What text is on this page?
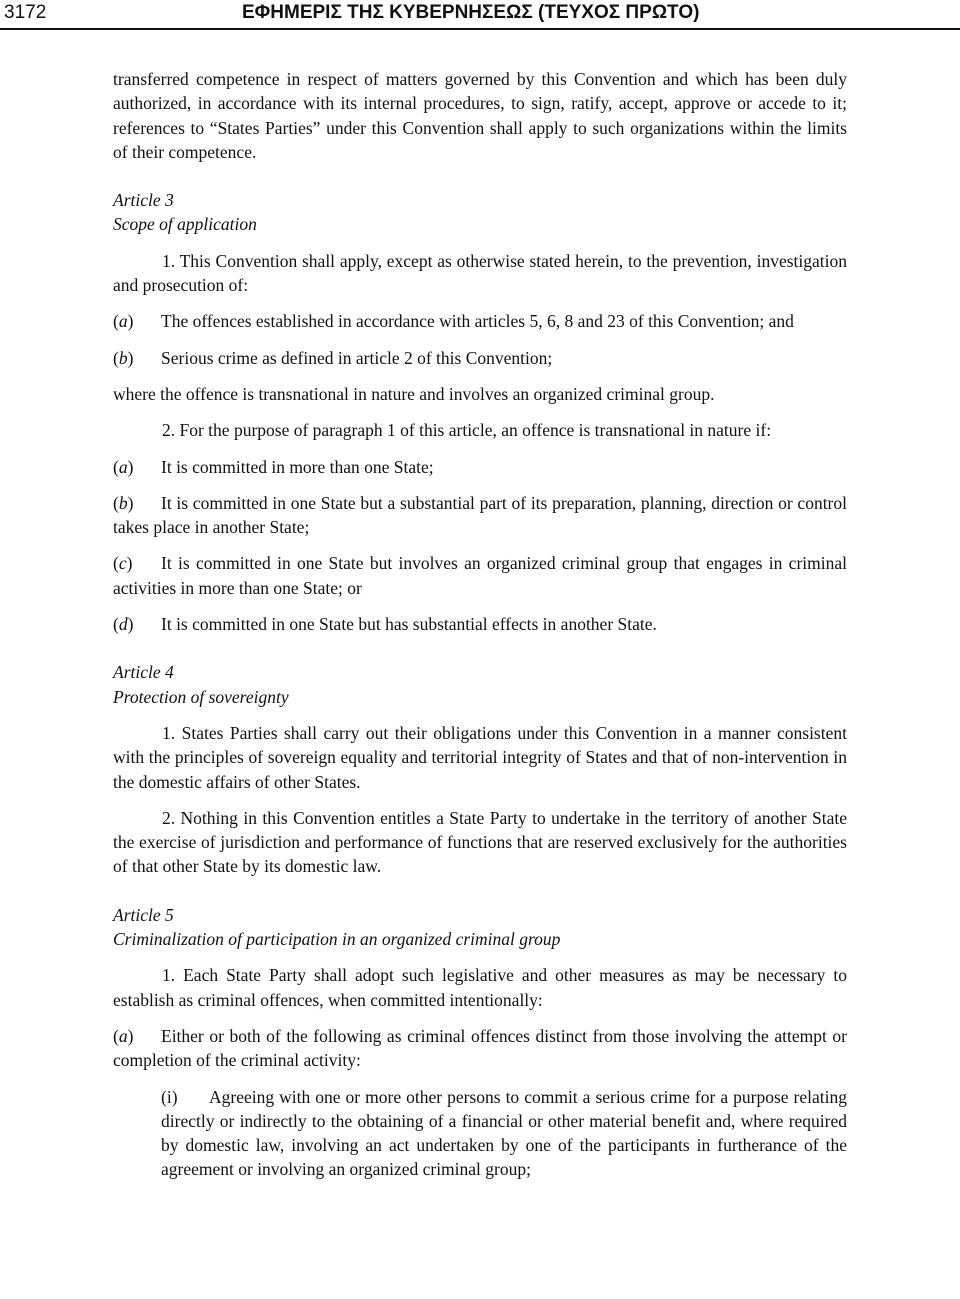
3172	ΕΦΗΜΕΡΙΣ ΤΗΣ ΚΥΒΕΡΝΗΣΕΩΣ (ΤΕΥΧΟΣ ΠΡΩΤΟ)

transferred competence in respect of matters governed by this Convention and which has been duly authorized, in accordance with its internal procedures, to sign, ratify, accept, approve or accede to it; references to “States Parties” under this Convention shall apply to such organizations within the limits of their competence.

Article 3

Scope of application

1. This Convention shall apply, except as otherwise stated herein, to the prevention, investigation and prosecution of:

(a) The offences established in accordance with articles 5, 6, 8 and 23 of this Convention; and

(b) Serious crime as defined in article 2 of this Convention;

where the offence is transnational in nature and involves an organized criminal group.

2. For the purpose of paragraph 1 of this article, an offence is transnational in nature if:

(a) It is committed in more than one State;

(b) It is committed in one State but a substantial part of its preparation, planning, direction or control takes place in another State;

(c) It is committed in one State but involves an organized criminal group that engages in criminal activities in more than one State; or

(d) It is committed in one State but has substantial effects in another State.

Article 4

Protection of sovereignty

1. States Parties shall carry out their obligations under this Convention in a manner consistent with the principles of sovereign equality and territorial integrity of States and that of non-intervention in the domestic affairs of other States.

2. Nothing in this Convention entitles a State Party to undertake in the territory of another State the exercise of jurisdiction and performance of functions that are reserved exclusively for the authorities of that other State by its domestic law.

Article 5

Criminalization of participation in an organized criminal group

1. Each State Party shall adopt such legislative and other measures as may be necessary to establish as criminal offences, when committed intentionally:

(a) Either or both of the following as criminal offences distinct from those involving the attempt or completion of the criminal activity:

(i) Agreeing with one or more other persons to commit a serious crime for a purpose relating directly or indirectly to the obtaining of a financial or other material benefit and, where required by domestic law, involving an act undertaken by one of the participants in furtherance of the agreement or involving an organized criminal group;
